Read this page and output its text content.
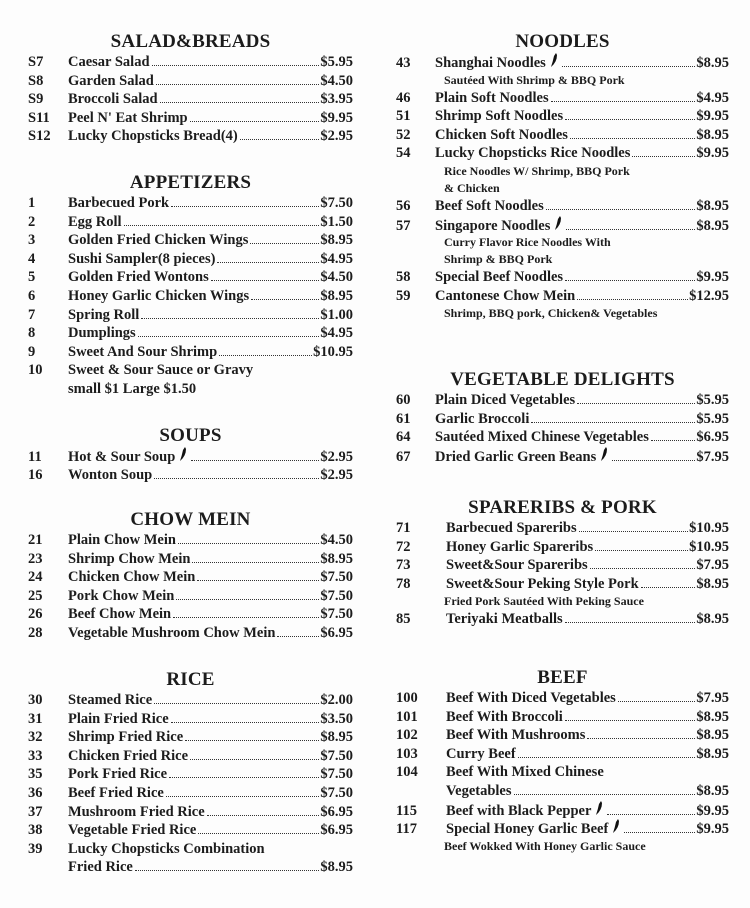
SALAD&BREADS
S7	Caesar Salad	$5.95
S8	Garden Salad	$4.50
S9	Broccoli Salad	$3.95
S11	Peel N' Eat Shrimp	$9.95
S12	Lucky Chopsticks Bread(4)	$2.95
APPETIZERS
1	Barbecued Pork	$7.50
2	Egg Roll	$1.50
3	Golden Fried Chicken Wings	$8.95
4	Sushi Sampler(8 pieces)	$4.95
5	Golden Fried Wontons	$4.50
6	Honey Garlic Chicken Wings	$8.95
7	Spring Roll	$1.00
8	Dumplings	$4.95
9	Sweet And Sour Shrimp	$10.95
10	Sweet & Sour Sauce or Gravy
small $1 Large $1.50
SOUPS
11	Hot & Sour Soup	$2.95
16	Wonton Soup	$2.95
CHOW MEIN
21	Plain Chow Mein	$4.50
23	Shrimp Chow Mein	$8.95
24	Chicken Chow Mein	$7.50
25	Pork Chow Mein	$7.50
26	Beef Chow Mein	$7.50
28	Vegetable Mushroom Chow Mein	$6.95
RICE
30	Steamed Rice	$2.00
31	Plain Fried Rice	$3.50
32	Shrimp Fried Rice	$8.95
33	Chicken Fried Rice	$7.50
35	Pork Fried Rice	$7.50
36	Beef Fried Rice	$7.50
37	Mushroom Fried Rice	$6.95
38	Vegetable Fried Rice	$6.95
39	Lucky Chopsticks Combination
Fried Rice	$8.95
NOODLES
43	Shanghai Noodles	$8.95
Sautéed With Shrimp & BBQ Pork
46	Plain Soft Noodles	$4.95
51	Shrimp Soft Noodles	$9.95
52	Chicken Soft Noodles	$8.95
54	Lucky Chopsticks Rice Noodles	$9.95
Rice Noodles W/ Shrimp, BBQ Pork
& Chicken
56	Beef Soft Noodles	$8.95
57	Singapore Noodles	$8.95
Curry Flavor Rice Noodles With
Shrimp & BBQ Pork
58	Special Beef Noodles	$9.95
59	Cantonese Chow Mein	$12.95
Shrimp, BBQ pork, Chicken& Vegetables
VEGETABLE DELIGHTS
60	Plain Diced Vegetables	$5.95
61	Garlic Broccoli	$5.95
64	Sautéed Mixed Chinese Vegetables	$6.95
67	Dried Garlic Green Beans	$7.95
SPARERIBS & PORK
71	Barbecued Spareribs	$10.95
72	Honey Garlic Spareribs	$10.95
73	Sweet&Sour Spareribs	$7.95
78	Sweet&Sour Peking Style Pork	$8.95
Fried Pork Sautéed With Peking Sauce
85	Teriyaki Meatballs	$8.95
BEEF
100	Beef With Diced Vegetables	$7.95
101	Beef With Broccoli	$8.95
102	Beef With Mushrooms	$8.95
103	Curry Beef	$8.95
104	Beef With Mixed Chinese
Vegetables	$8.95
115	Beef with Black Pepper	$9.95
117	Special Honey Garlic Beef	$9.95
Beef Wokked With Honey Garlic Sauce
